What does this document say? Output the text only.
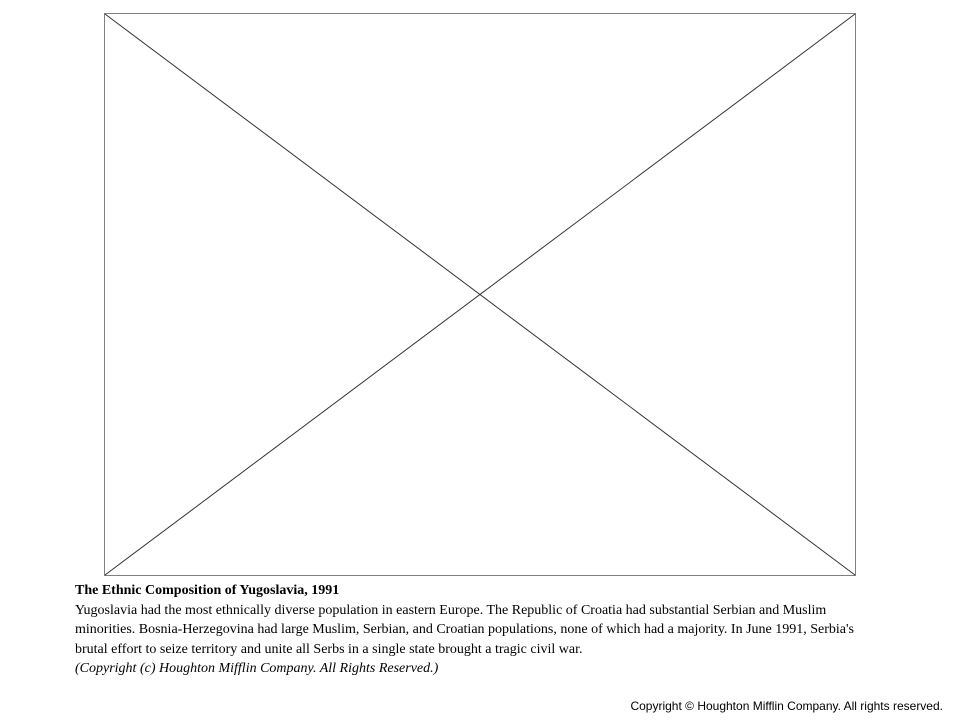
The Ethnic Composition of Yugoslavia, 1991
Yugoslavia had the most ethnically diverse population in eastern Europe. The Republic of Croatia had substantial Serbian and Muslim minorities. Bosnia-Herzegovina had large Muslim, Serbian, and Croatian populations, none of which had a majority. In June 1991, Serbia's brutal effort to seize territory and unite all Serbs in a single state brought a tragic civil war.
(Copyright (c) Houghton Mifflin Company. All Rights Reserved.)
Copyright © Houghton Mifflin Company. All rights reserved.
